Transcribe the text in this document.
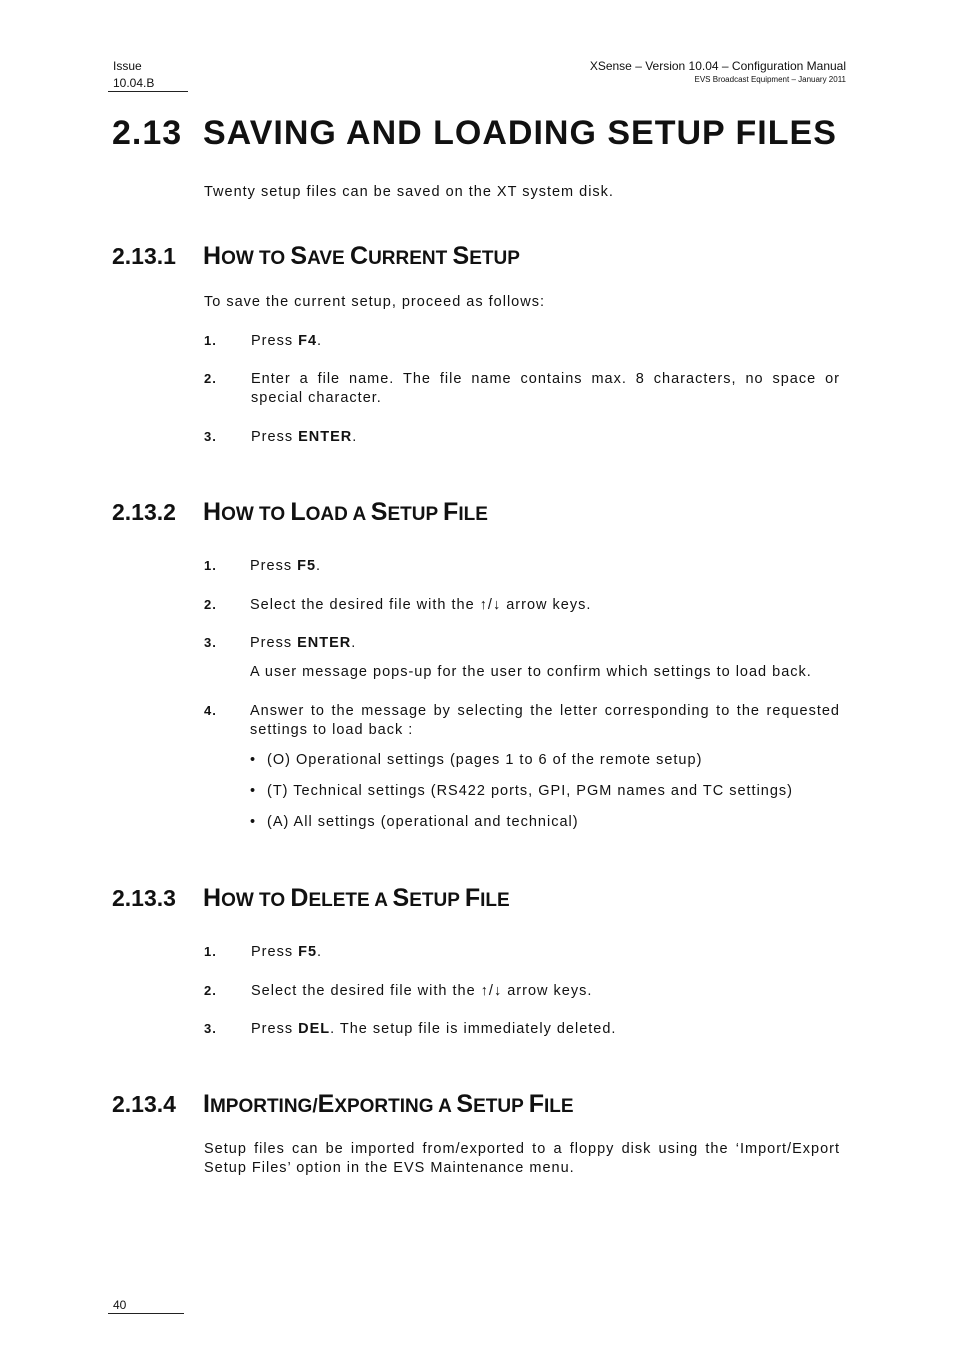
Issue
10.04.B
XSense – Version 10.04 – Configuration Manual
EVS Broadcast Equipment – January 2011
2.13 SAVING AND LOADING SETUP FILES
Twenty setup files can be saved on the XT system disk.
2.13.1 HOW TO SAVE CURRENT SETUP
To save the current setup, proceed as follows:
1. Press F4.
2. Enter a file name. The file name contains max. 8 characters, no space or special character.
3. Press ENTER.
2.13.2 HOW TO LOAD A SETUP FILE
1. Press F5.
2. Select the desired file with the ↑/↓ arrow keys.
3. Press ENTER.
A user message pops-up for the user to confirm which settings to load back.
4. Answer to the message by selecting the letter corresponding to the requested settings to load back :
• (O) Operational settings (pages 1 to 6 of the remote setup)
• (T) Technical settings (RS422 ports, GPI, PGM names and TC settings)
• (A) All settings (operational and technical)
2.13.3 HOW TO DELETE A SETUP FILE
1. Press F5.
2. Select the desired file with the ↑/↓ arrow keys.
3. Press DEL. The setup file is immediately deleted.
2.13.4 IMPORTING/EXPORTING A SETUP FILE
Setup files can be imported from/exported to a floppy disk using the ‘Import/Export Setup Files’ option in the EVS Maintenance menu.
40
